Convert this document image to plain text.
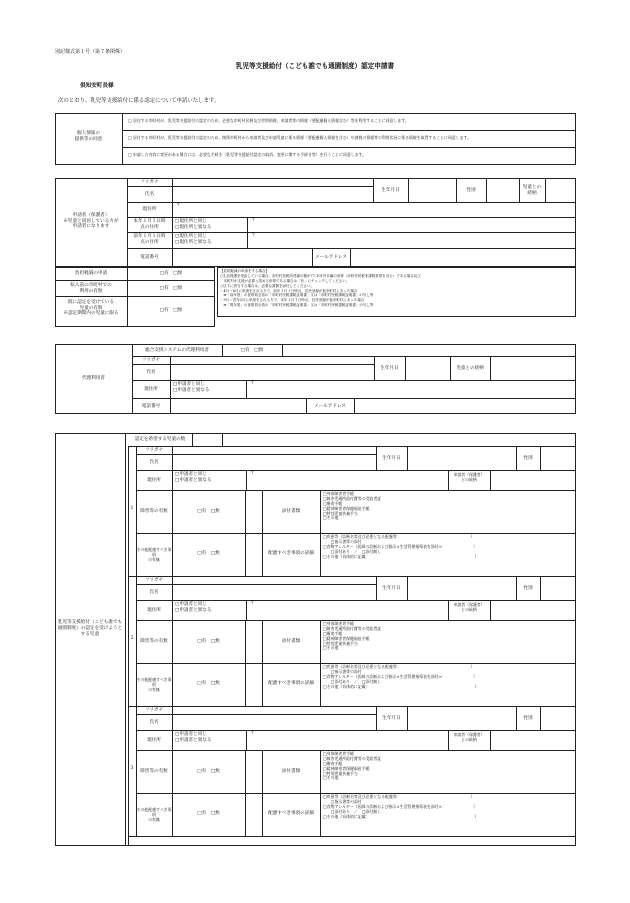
別記様式第１号（第７条関係）
乳児等支援給付（こども誰でも通園制度）認定申請書
倶知安町長様
次のとおり、乳児等支援給付に係る認定について申請いたします。
個人情報の
提供等の同意
□ 居住する市町村が、乳児等支援給付の認定のため、必要な市町村民税及び世帯情報、申請者等の情報（要配慮個人情報含む）等を利用することに同意します。
□ 居住する市町村が、乳児等支援給付の認定のため、関係市町村から申請者及び申請児童に係る情報（要配慮個人情報を含む）や課税の情報等の利用状況に係る情報を取得することに同意します。
□ 申請した内容に変更がある場合には、必要な手続き（乳児等支援給付認定の取消、変更に関する手続き等）を行うことに同意します。
申請者（保護者）
※児童と同居している方が
申請者になります
フリガナ
氏名
生年月日	性別
児童との
続柄
現住所
〒
本年１月１日時
点の住所
□現住所と同じ
□現住所と異なる
〒
前年１月１日時
点の住所
□現住所と同じ
□現住所と異なる
〒
電話番号	メールアドレス
負担軽減の申請	□有　□無
転入前の市町村での
利用の有無
□有　□無
既に認定を受けている
児童の有無
※認定期間内の児童に限る
□有　□無
【負担軽減の申請をする場合】
○生活保護を受給している場合、市町村民税所得割の額が77,101円未満の世帯（市町村民税非課税世帯を含む）である場合及び
　市町村が支援が必要と認める世帯である場合は「有」にチェックしてください。
○以下に該当する場合は、必要な書類を添付してください。
・4月～8月に申請をされる方で、前年１月１日時点、住民登録が他市町村にあった場合
　➡「前年度」の世帯員全員の「市町村民税課税証明書」又は「市町村民税課税証明書」の写し等
・9月～翌年3月に申請をされる方で、本年１月１日時点、住民登録が他市町村にあった場合
　➡「現年度」の世帯員全員の「市町村民税課税証明書」又は「市町村民税課税証明書」の写し等
代理利用者
総合支援システムの代理利用者	□有　□無
フリガナ
氏名
生年月日	児童との続柄
現住所
□申請者と同じ
□申請者と異なる
〒
電話番号	メールアドレス
認定を希望する児童の数
乳児等支援給付（こども誰でも通園制度）の認定を受けようとする児童
1
フリガナ
氏名
生年月日	性別
現住所
□申請者と同じ
□申請者と異なる
〒	申請者（保護者）
との続柄
障害等の有無	□有　□無	添付書類
□身体障害者手帳
□障害児通所給付費等の受給者証
□療育手帳
□精神障害者保健福祉手帳
□特別児童扶養手当
□その他
その他配慮すべき事項
の有無
□有　□無	配慮すべき事項の詳細
□疾患等（診断名等及び必要となる配慮等：　　　　　　　　　　　　　　　　　　）
　　□指示書等の添付
□食物アレルギー（医師の診断および指示×生活管理指導表を添付×：　　　　　　　）
　　□添付あり　／　□添付無し
□その他（具体的に記載：　　　　　　　　　　　　　　　　　　　　　　　　　　　）
2
フリガナ
氏名
生年月日	性別
現住所
□申請者と同じ
□申請者と異なる
〒	申請者（保護者）
との続柄
障害等の有無	□有　□無	添付書類
□身体障害者手帳
□障害児通所給付費等の受給者証
□療育手帳
□精神障害者保健福祉手帳
□特別児童扶養手当
□その他
その他配慮すべき事項
の有無
□有　□無	配慮すべき事項の詳細
□疾患等（診断名等及び必要となる配慮等：　　　　　　　　　　　　　　　　　　）
　　□指示書等の添付
□食物アレルギー（医師の診断および指示×生活管理指導表を添付×：　　　　　　　）
　　□添付あり　／　□添付無し
□その他（具体的に記載：　　　　　　　　　　　　　　　　　　　　　　　　　　　）
3
フリガナ
氏名
生年月日	性別
現住所
□申請者と同じ
□申請者と異なる
〒	申請者（保護者）
との続柄
障害等の有無	□有　□無	添付書類
□身体障害者手帳
□障害児通所給付費等の受給者証
□療育手帳
□精神障害者保健福祉手帳
□特別児童扶養手当
□その他
その他配慮すべき事項
の有無
□有　□無	配慮すべき事項の詳細
□疾患等（診断名等及び必要となる配慮等：　　　　　　　　　　　　　　　　　　）
　　□指示書等の添付
□食物アレルギー（医師の診断および指示×生活管理指導表を添付×：　　　　　　　）
　　□添付あり　／　□添付無し
□その他（具体的に記載：　　　　　　　　　　　　　　　　　　　　　　　　　　　）
